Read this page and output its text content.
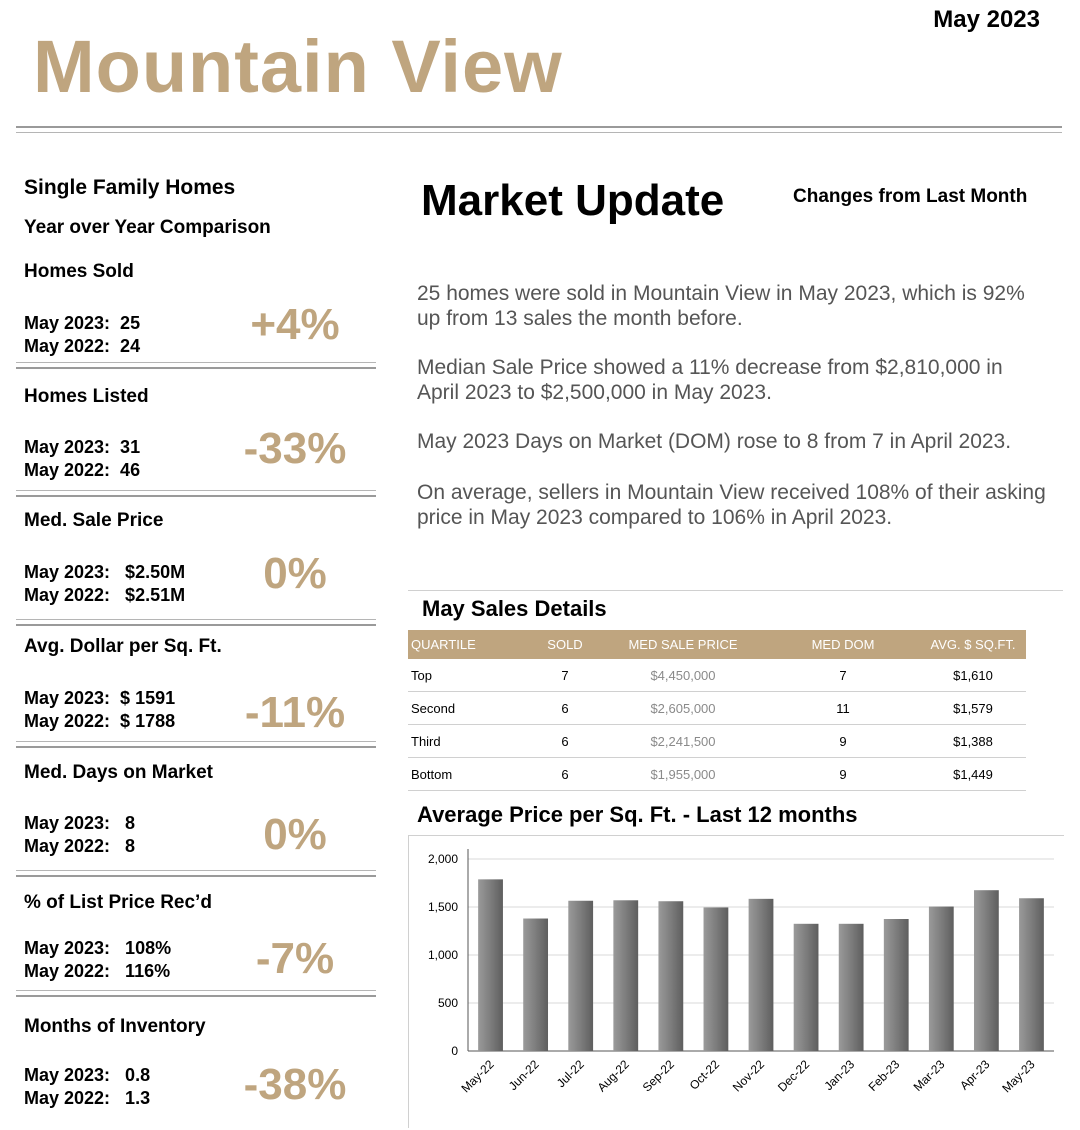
May 2023
Mountain View
Single Family Homes
Year over Year Comparison
Homes Sold
May 2023:  25
May 2022:  24	+4%
Homes Listed
May 2023:  31
May 2022:  46	-33%
Med. Sale Price
May 2023:   $2.50M
May 2022:   $2.51M	0%
Avg. Dollar per Sq. Ft.
May 2023:  $ 1591
May 2022:  $ 1788	-11%
Med. Days on Market
May 2023:   8
May 2022:   8	0%
% of List Price Rec’d
May 2023:   108%
May 2022:   116%	-7%
Months of Inventory
May 2023:   0.8
May 2022:   1.3	-38%
Market Update	Changes from Last Month
25 homes were sold in Mountain View in May 2023, which is 92% up from 13 sales the month before.
Median Sale Price showed a 11% decrease from $2,810,000 in April 2023 to $2,500,000 in May 2023.
May 2023 Days on Market (DOM) rose to 8 from 7 in April 2023.
On average, sellers in Mountain View received 108% of their asking price in May 2023 compared to 106% in April 2023.
May Sales Details
QUARTILE	SOLD	MED SALE PRICE	MED DOM	AVG. $ SQ.FT.
Top	7	$4,450,000	7	$1,610
Second	6	$2,605,000	11	$1,579
Third	6	$2,241,500	9	$1,388
Bottom	6	$1,955,000	9	$1,449
Average Price per Sq. Ft. - Last 12 months
0
500
1,000
1,500
2,000
May-22 Jun-22 Jul-22 Aug-22 Sep-22 Oct-22 Nov-22 Dec-22 Jan-23 Feb-23 Mar-23 Apr-23 May-23
